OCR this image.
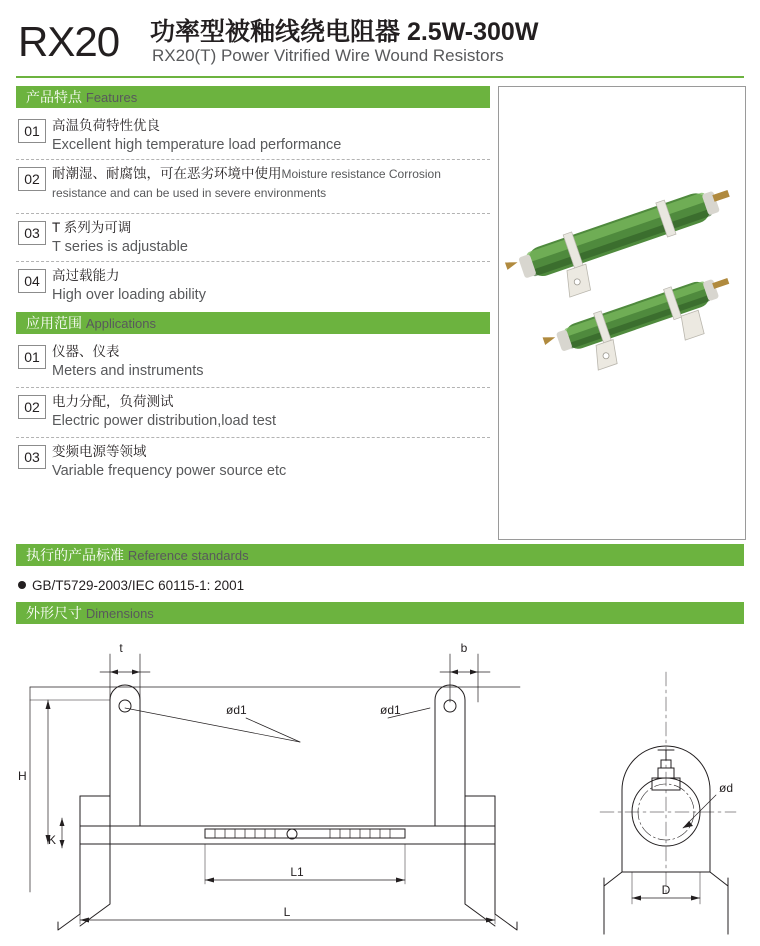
RX20 功率型被釉线绕电阻器 2.5W-300W
RX20(T) Power Vitrified Wire Wound Resistors
产品特点 Features
01 高温负荷特性优良
Excellent high temperature load performance
02 耐潮湿、耐腐蚀，可在恶劣环境中使用Moisture resistance Corrosion
resistance and can be used in severe environments
03 T 系列为可调
T series is adjustable
04 高过载能力
High over loading ability
应用范围 Applications
01 仪器、仪表
Meters and instruments
02 电力分配，负荷测试
Electric power distribution,load test
03 变频电源等领域
Variable frequency power source etc
执行的产品标准 Reference standards
GB/T5729-2003/IEC 60115-1: 2001
外形尺寸 Dimensions
t	b
ød1	ød1
H
K
L1
L
D
ød
